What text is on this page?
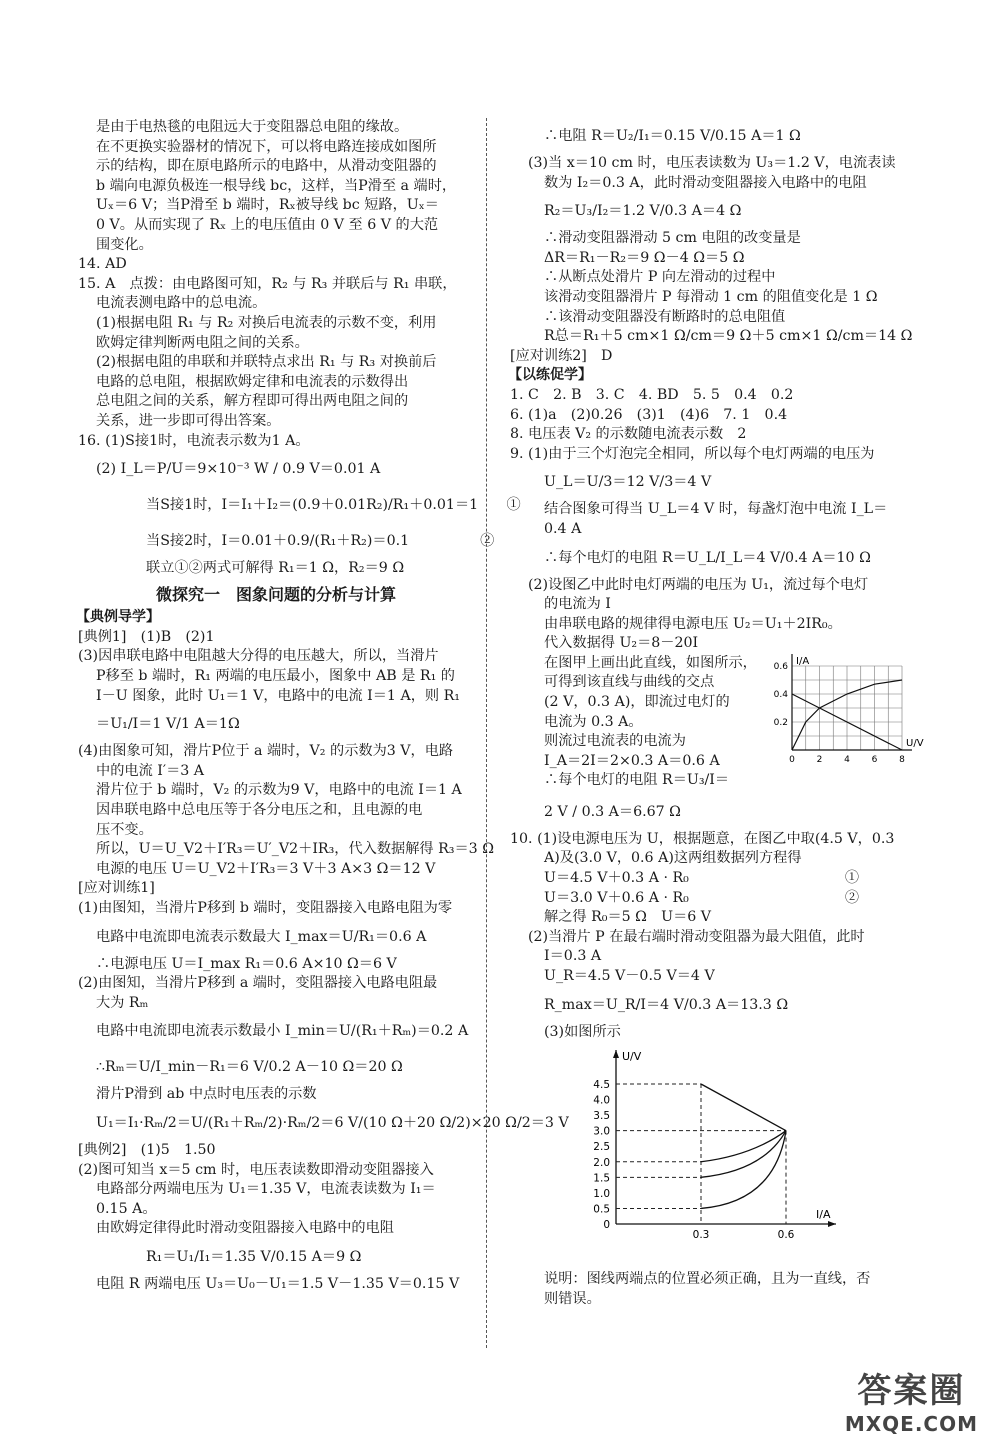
是由于电热毯的电阻远大于变阻器总电阻的缘故。
在不更换实验器材的情况下，可以将电路连接成如图所
示的结构，即在原电路所示的电路中，从滑动变阻器的
b 端向电源负极连一根导线 bc，这样，当P滑至 a 端时，
Uₓ＝6 V；当P滑至 b 端时，Rₓ被导线 bc 短路，Uₓ＝
0 V。从而实现了 Rₓ 上的电压值由 0 V 至 6 V 的大范
围变化。
14. AD
15. A　点拨：由电路图可知，R₂ 与 R₃ 并联后与 R₁ 串联，
电流表测电路中的总电流。
(1)根据电阻 R₁ 与 R₂ 对换后电流表的示数不变，利用
欧姆定律判断两电阻之间的关系。
(2)根据电阻的串联和并联特点求出 R₁ 与 R₃ 对换前后
电路的总电阻，根据欧姆定律和电流表的示数得出
总电阻之间的关系，解方程即可得出两电阻之间的
关系，进一步即可得出答案。
16. (1)S接1时，电流表示数为1 A。
(2) I_L＝P/U＝9×10⁻³ W / 0.9 V＝0.01 A
当S接1时，I＝I₁＋I₂＝(0.9＋0.01R₂)/R₁＋0.01＝1　　①
当S接2时，I＝0.01＋0.9/(R₁＋R₂)＝0.1　　　　　②
联立①②两式可解得 R₁＝1 Ω，R₂＝9 Ω
微探究一　图象问题的分析与计算
【典例导学】
[典例1]　(1)B　(2)1
(3)因串联电路中电阻越大分得的电压越大，所以，当滑片
P移至 b 端时，R₁ 两端的电压最小，图象中 AB 是 R₁ 的
I－U 图象，此时 U₁＝1 V，电路中的电流 I＝1 A，则 R₁
＝U₁/I＝1 V/1 A＝1Ω
(4)由图象可知，滑片P位于 a 端时，V₂ 的示数为3 V，电路
中的电流 I′＝3 A
滑片位于 b 端时，V₂ 的示数为9 V，电路中的电流 I＝1 A
因串联电路中总电压等于各分电压之和，且电源的电
压不变。
所以，U＝U_V2＋I′R₃＝U′_V2＋IR₃，代入数据解得 R₃＝3 Ω
电源的电压 U＝U_V2＋I′R₃＝3 V＋3 A×3 Ω＝12 V
[应对训练1]
(1)由图知，当滑片P移到 b 端时，变阻器接入电路电阻为零
电路中电流即电流表示数最大 I_max＝U/R₁＝0.6 A
∴电源电压 U＝I_max R₁＝0.6 A×10 Ω＝6 V
(2)由图知，当滑片P移到 a 端时，变阻器接入电路电阻最
大为 Rₘ
电路中电流即电流表示数最小 I_min＝U/(R₁＋Rₘ)＝0.2 A
∴Rₘ＝U/I_min－R₁＝6 V/0.2 A－10 Ω＝20 Ω
滑片P滑到 ab 中点时电压表的示数
U₁＝I₁·Rₘ/2＝U/(R₁＋Rₘ/2)·Rₘ/2＝6 V/(10 Ω＋20 Ω/2)×20 Ω/2＝3 V
[典例2]　(1)5　1.50
(2)图可知当 x＝5 cm 时，电压表读数即滑动变阻器接入
电路部分两端电压为 U₁＝1.35 V，电流表读数为 I₁＝
0.15 A。
由欧姆定律得此时滑动变阻器接入电路中的电阻
R₁＝U₁/I₁＝1.35 V/0.15 A＝9 Ω
电阻 R 两端电压 U₃＝U₀－U₁＝1.5 V－1.35 V＝0.15 V
∴电阻 R＝U₂/I₁＝0.15 V/0.15 A＝1 Ω
(3)当 x＝10 cm 时，电压表读数为 U₃＝1.2 V，电流表读
数为 I₂＝0.3 A，此时滑动变阻器接入电路中的电阻
R₂＝U₃/I₂＝1.2 V/0.3 A＝4 Ω
∴滑动变阻器滑动 5 cm 电阻的改变量是
ΔR＝R₁－R₂＝9 Ω－4 Ω＝5 Ω
∴从断点处滑片 P 向左滑动的过程中
该滑动变阻器滑片 P 每滑动 1 cm 的阻值变化是 1 Ω
∴该滑动变阻器没有断路时的总电阻值
R总＝R₁＋5 cm×1 Ω/cm＝9 Ω＋5 cm×1 Ω/cm＝14 Ω
[应对训练2]　D
【以练促学】
1. C　2. B　3. C　4. BD　5. 5　0.4　0.2
6. (1)a　(2)0.26　(3)1　(4)6　7. 1　0.4
8. 电压表 V₂ 的示数随电流表示数　2
9. (1)由于三个灯泡完全相同，所以每个电灯两端的电压为
U_L＝U/3＝12 V/3＝4 V
结合图象可得当 U_L＝4 V 时，每盏灯泡中电流 I_L＝
0.4 A
∴每个电灯的电阻 R＝U_L/I_L＝4 V/0.4 A＝10 Ω
(2)设图乙中此时电灯两端的电压为 U₁，流过每个电灯
的电流为 I
由串联电路的规律得电源电压 U₂＝U₁＋2IR₀。
代入数据得 U₂＝8－20I
在图甲上画出此直线，如图所示，
可得到该直线与曲线的交点
(2 V，0.3 A)，即流过电灯的
电流为 0.3 A。
则流过电流表的电流为
I_A＝2I＝2×0.3 A＝0.6 A
∴每个电灯的电阻 R＝U₃/I＝
I/A
U/V
0.6
0.4
0.2
0 2 4 6 8
2 V / 0.3 A＝6.67 Ω
10. (1)设电源电压为 U，根据题意，在图乙中取(4.5 V，0.3
A)及(3.0 V，0.6 A)这两组数据列方程得
U＝4.5 V＋0.3 A · R₀　　　　　　　　　　　①
U＝3.0 V＋0.6 A · R₀　　　　　　　　　　　②
解之得 R₀＝5 Ω　U＝6 V
(2)当滑片 P 在最右端时滑动变阻器为最大阻值，此时
I＝0.3 A
U_R＝4.5 V－0.5 V＝4 V
R_max＝U_R/I＝4 V/0.3 A＝13.3 Ω
(3)如图所示
U/V
I/A
4.5
4.0
3.5
3.0
2.5
2.0
1.5
1.0
0.5
0
0.3	0.6
说明：图线两端点的位置必须正确，且为一直线，否
则错误。
答案圈
MXQE.COM
